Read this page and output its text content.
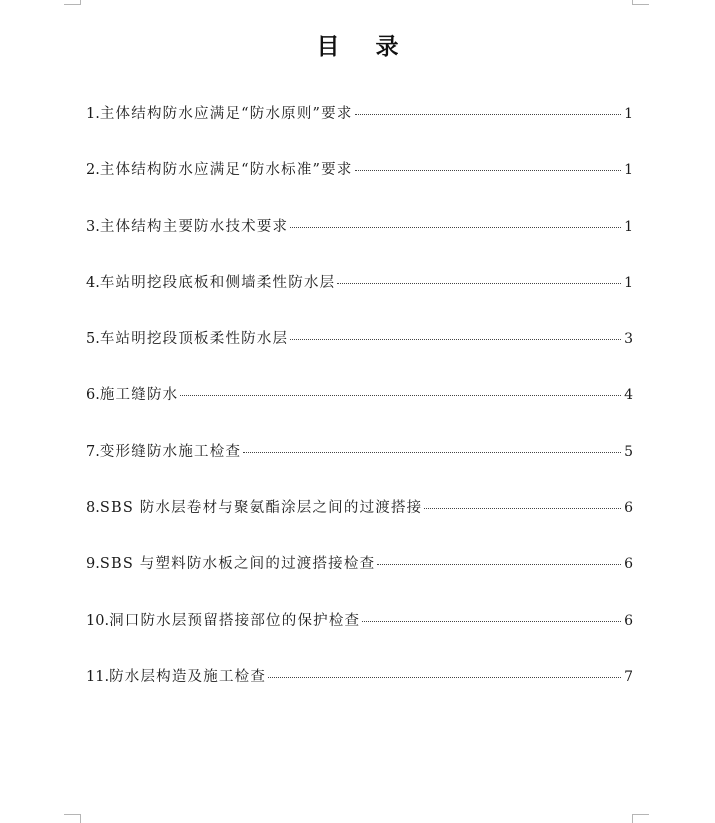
目 录
1. 主体结构防水应满足“防水原则”要求	1
2. 主体结构防水应满足“防水标准”要求	1
3. 主体结构主要防水技术要求	1
4. 车站明挖段底板和侧墙柔性防水层	1
5. 车站明挖段顶板柔性防水层	3
6. 施工缝防水	4
7. 变形缝防水施工检查	5
8. SBS 防水层卷材与聚氨酯涂层之间的过渡搭接	6
9. SBS 与塑料防水板之间的过渡搭接检查	6
10. 洞口防水层预留搭接部位的保护检查	6
11. 防水层构造及施工检查	7
